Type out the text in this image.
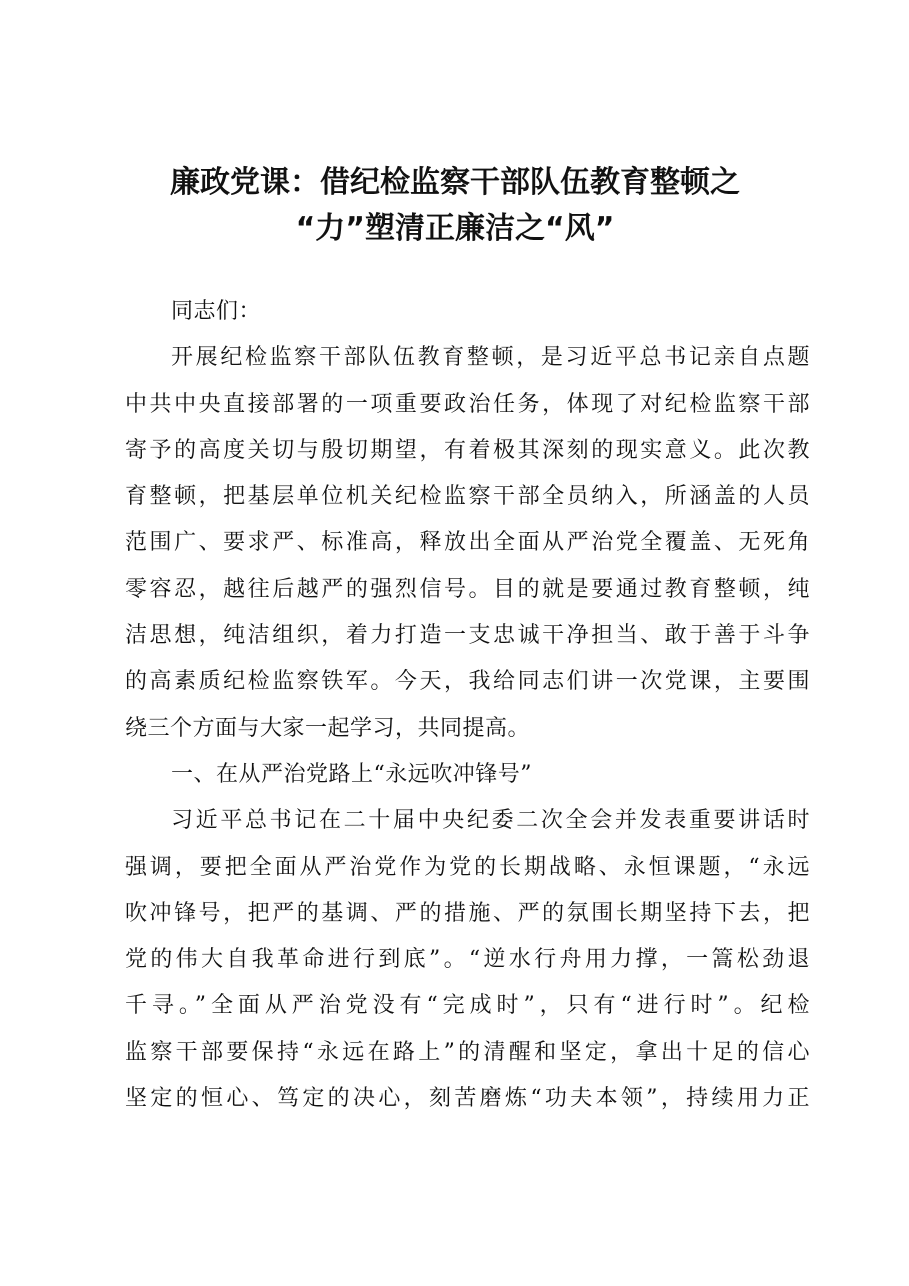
廉政党课：借纪检监察干部队伍教育整顿之
“力”塑清正廉洁之“风”

同志们：

开展纪检监察干部队伍教育整顿，是习近平总书记亲自点题
中共中央直接部署的一项重要政治任务，体现了对纪检监察干部
寄予的高度关切与殷切期望，有着极其深刻的现实意义。此次教
育整顿，把基层单位机关纪检监察干部全员纳入，所涵盖的人员
范围广、要求严、标准高，释放出全面从严治党全覆盖、无死角
零容忍，越往后越严的强烈信号。目的就是要通过教育整顿，纯
洁思想，纯洁组织，着力打造一支忠诚干净担当、敢于善于斗争
的高素质纪检监察铁军。今天，我给同志们讲一次党课，主要围
绕三个方面与大家一起学习，共同提高。

一、在从严治党路上“永远吹冲锋号”

习近平总书记在二十届中央纪委二次全会并发表重要讲话时
强调，要把全面从严治党作为党的长期战略、永恒课题，“永远
吹冲锋号，把严的基调、严的措施、严的氛围长期坚持下去，把
党的伟大自我革命进行到底”。“逆水行舟用力撑，一篙松劲退
千寻。”全面从严治党没有“完成时”，只有“进行时”。纪检
监察干部要保持“永远在路上”的清醒和坚定，拿出十足的信心
坚定的恒心、笃定的决心，刻苦磨炼“功夫本领”，持续用力正
